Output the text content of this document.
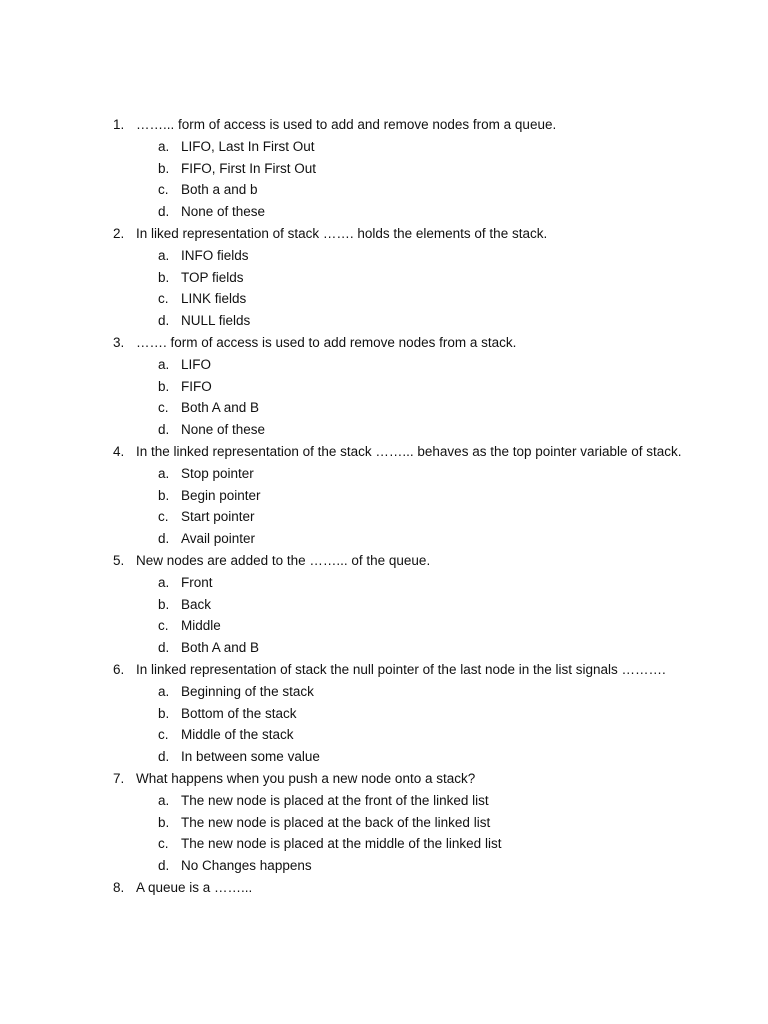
1. ……... form of access is used to add and remove nodes from a queue.
a. LIFO, Last In First Out
b. FIFO, First In First Out
c. Both a and b
d. None of these
2. In liked representation of stack ……. holds the elements of the stack.
a. INFO fields
b. TOP fields
c. LINK fields
d. NULL fields
3. ……. form of access is used to add remove nodes from a stack.
a. LIFO
b. FIFO
c. Both A and B
d. None of these
4. In the linked representation of the stack ……... behaves as the top pointer variable of stack.
a. Stop pointer
b. Begin pointer
c. Start pointer
d. Avail pointer
5. New nodes are added to the ……... of the queue.
a. Front
b. Back
c. Middle
d. Both A and B
6. In linked representation of stack the null pointer of the last node in the list signals ……….
a. Beginning of the stack
b. Bottom of the stack
c. Middle of the stack
d. In between some value
7. What happens when you push a new node onto a stack?
a. The new node is placed at the front of the linked list
b. The new node is placed at the back of the linked list
c. The new node is placed at the middle of the linked list
d. No Changes happens
8. A queue is a ……...
